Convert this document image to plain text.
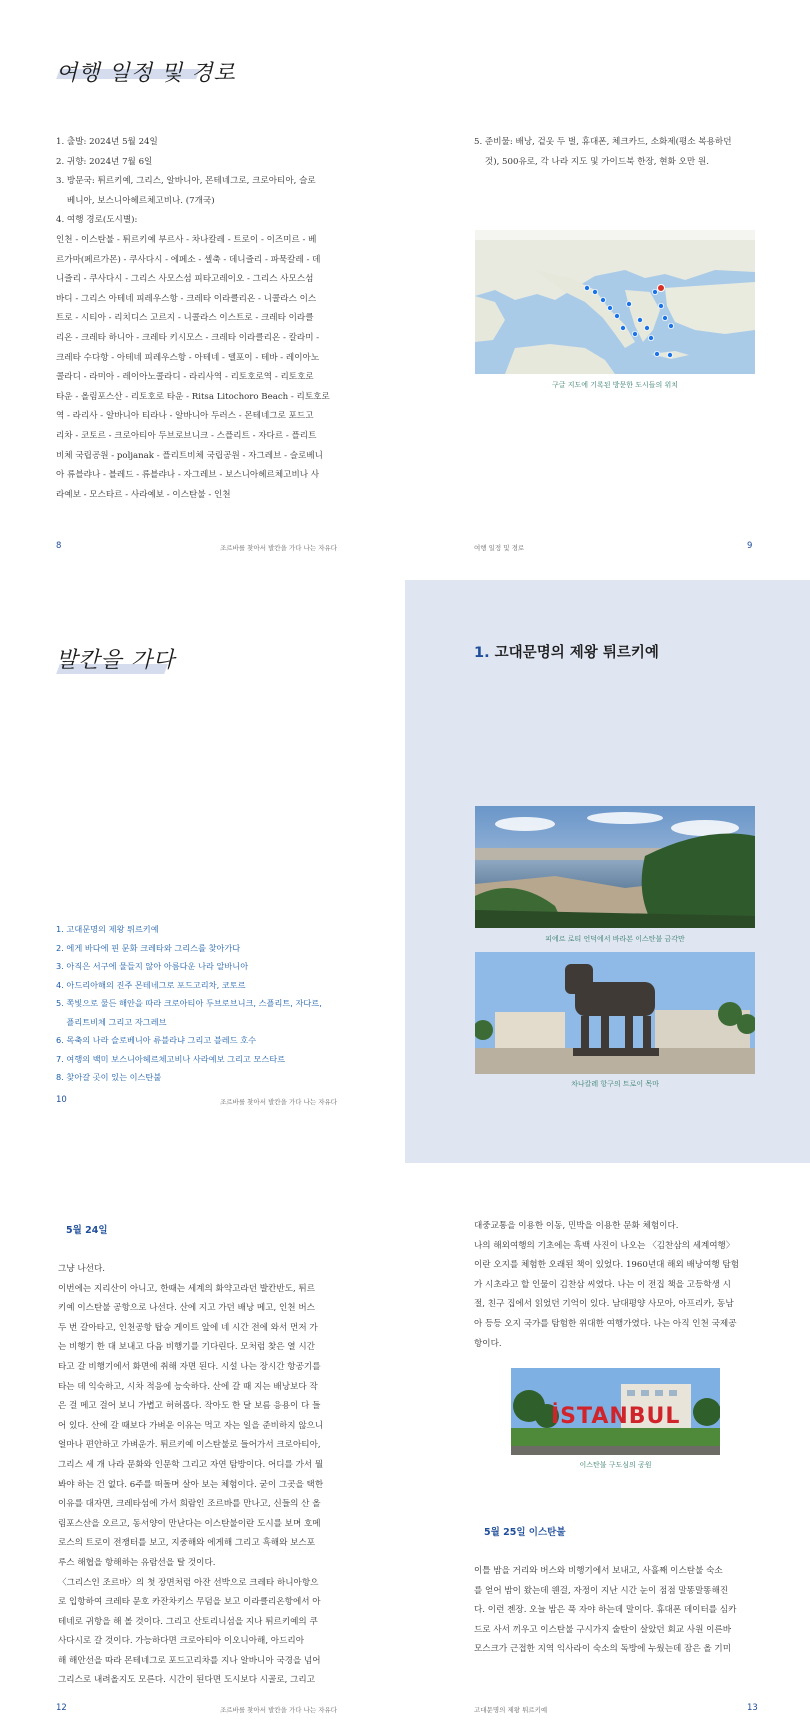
여행 일정 및 경로
1. 출발: 2024년 5월 24일
2. 귀향: 2024년 7월 6일
3. 방문국: 튀르키예, 그리스, 알바니아, 몬테네그로, 크로아티아, 슬로
베니아, 보스니아헤르체고비나. (7개국)
4. 여행 경로(도시별):
인천 - 이스탄불 - 튀르키예 부르사 - 차나칼레 - 트로이 - 이즈미르 - 베
르가마(페르가몬) - 쿠사다시 - 에페소 - 셀축 - 데니즐리 - 파묵칼레 - 데
니즐리 - 쿠사다시 - 그리스 사모스섬 피타고레이오 - 그리스 사모스섬
바디 - 그리스 아테네 피레우스항 - 크레타 이라클리온 - 니콜라스 이스
트로 - 시티아 - 리치디스 고르지 - 니콜라스 이스트로 - 크레타 이라클
리온 - 크레타 하니아 - 크레타 키시모스 - 크레타 이라클리온 - 칼라미 -
크레타 수다항 - 아테네 피레우스항 - 아테네 - 델포이 - 테바 - 레이아노
콜라디 - 라미아 - 레이아노콜라디 - 라리사역 - 리토호로역 - 리토호로
타운 - 올림포스산 - 리토호로 타운 - Ritsa Litochoro Beach - 리토호로
역 - 라리사 - 알바니아 티라나 - 알바니아 두러스 - 몬테네그로 포드고
리차 - 코토르 - 크로아티아 두브로브니크 - 스플리트 - 자다르 - 플리트
비체 국립공원 - poljanak - 플리트비체 국립공원 - 자그레브 - 슬로베니
아 류블랴나 - 블레드 - 류블랴나 - 자그레브 - 보스니아헤르체고비나 사
라예보 - 모스타르 - 사라예보 - 이스탄불 - 인천
8	조르바를 찾아서 발칸을 가다 나는 자유다
5. 준비물: 배낭, 겉옷 두 벌, 휴대폰, 체크카드, 소화제(평소 복용하던
것), 500유로, 각 나라 지도 및 가이드북 한장, 현화 오만 원.
구글 지도에 기록된 방문한 도시들의 위치
여행 일정 및 경로	9
발칸을 가다
1. 고대문명의 제왕 튀르키예
2. 에게 바다에 핀 문화 크레타와 그리스를 찾아가다
3. 아직은 서구에 물들지 않아 아름다운 나라 알바니아
4. 아드리아해의 진주 몬테네그로 포드고리차, 코토르
5. 쪽빛으로 물든 해안을 따라 크로아티아 두브로브니크, 스플리트, 자다르,
플리트비체 그리고 자그레브
6. 목축의 나라 슬로베니아 류블라냐 그리고 블레드 호수
7. 여행의 백미 보스니아헤르체고비나 사라예보 그리고 모스타르
8. 찾아갈 곳이 있는 이스탄불
10	조르바를 찾아서 발칸을 가다 나는 자유다
1. 고대문명의 제왕 튀르키예
피에르 로티 언덕에서 바라본 이스탄불 금각만
차나칼레 항구의 트로이 목마
5월 24일
그냥 나선다.
이번에는 지리산이 아니고, 한때는 세계의 화약고라던 발칸반도, 튀르
키예 이스탄불 공항으로 나선다. 산에 지고 가던 배낭 메고, 인천 버스
두 번 갈아타고, 인천공항 탑승 게이트 앞에 네 시간 전에 와서 먼저 가
는 비행기 한 대 보내고 다음 비행기를 기다린다. 모처럼 찾은 열 시간
타고 갈 비행기에서 화면에 취해 자면 된다. 시설 나는 장시간 항공기를
타는 데 익숙하고, 시차 적응에 능숙하다. 산에 갈 때 지는 배낭보다 작
은 걸 메고 걸어 보니 가볍고 허허롭다. 작아도 한 달 보름 응용이 다 들
어 있다. 산에 갈 때보다 가벼운 이유는 먹고 자는 일을 준비하지 않으니
얼마나 편안하고 가벼운가. 튀르키예 이스탄불로 들어가서 크로아티아,
그리스 세 개 나라 문화와 인문학 그리고 자연 탐방이다. 어디를 가서 뭘
봐야 하는 건 없다. 6주를 떠돌며 살아 보는 체험이다. 굳이 그곳을 택한
이유를 대자면, 크레타섬에 가서 희람인 조르바를 만나고, 신들의 산 올
림포스산을 오르고, 동서양이 만난다는 이스탄불이란 도시를 보며 호메
로스의 트로이 전쟁터를 보고, 지중해와 에게해 그리고 흑해와 보스포
루스 해협을 항해하는 유람선을 탈 것이다.
〈그리스인 조르바〉의 첫 장면처럼 아잔 선박으로 크레타 하니아항으
로 입항하여 크레타 문호 카잔차키스 무덤을 보고 이라클리온항에서 아
테네로 귀항을 해 볼 것이다. 그리고 산토리니섬을 지나 튀르키예의 쿠
사다시로 갈 것이다. 가능하다면 크로아티아 이오니아해, 아드리아
해 해안선을 따라 몬테네그로 포드고리차를 지나 알바니아 국경을 넘어
그리스로 내려올지도 모른다. 시간이 된다면 도시보다 시골로, 그리고
12	조르바를 찾아서 발칸을 가다 나는 자유다
대중교통을 이용한 이동, 민박을 이용한 문화 체험이다.
나의 해외여행의 기초에는 흑백 사진이 나오는 〈김찬삼의 세계여행〉
이란 오지를 체험한 오래된 책이 있었다. 1960년대 해외 배낭여행 탐험
가 시초라고 할 인물이 김찬삼 씨였다. 나는 이 전집 책을 고등학생 시
절, 친구 집에서 읽었던 기억이 있다. 남대평양 사모아, 아프리카, 동남
아 등등 오지 국가를 탐험한 위대한 여행가였다. 나는 아직 인천 국제공
항이다.
İSTANBUL
이스탄불 구도심의 공원
5월 25일 이스탄불
이틀 밤을 거리와 버스와 비행기에서 보내고, 사흘째 이스탄불 숙소
를 얻어 밤이 왔는데 웬걸, 자정이 지난 시간 눈이 점점 말똥말똥해진
다. 이런 젠장. 오늘 밤은 푹 자야 하는데 말이다. 휴대폰 데이터를 심카
드로 사서 끼우고 이스탄불 구시가지 술탄이 살았던 회교 사원 이른바
모스크가 근접한 지역 익사라이 숙소의 독방에 누웠는데 잠은 올 기미
고대문명의 제왕 튀르키예	13
